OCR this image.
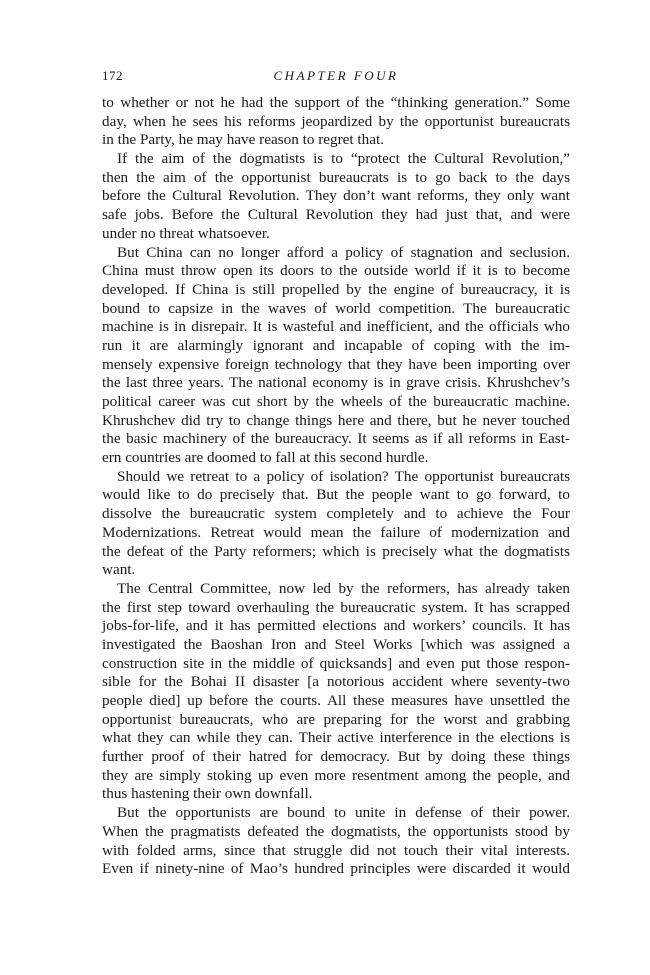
172	CHAPTER FOUR
to whether or not he had the support of the “thinking generation.” Some
day, when he sees his reforms jeopardized by the opportunist bureaucrats
in the Party, he may have reason to regret that.
If the aim of the dogmatists is to “protect the Cultural Revolution,”
then the aim of the opportunist bureaucrats is to go back to the days
before the Cultural Revolution. They don’t want reforms, they only want
safe jobs. Before the Cultural Revolution they had just that, and were
under no threat whatsoever.
But China can no longer afford a policy of stagnation and seclusion.
China must throw open its doors to the outside world if it is to become
developed. If China is still propelled by the engine of bureaucracy, it is
bound to capsize in the waves of world competition. The bureaucratic
machine is in disrepair. It is wasteful and inefficient, and the officials who
run it are alarmingly ignorant and incapable of coping with the im-
mensely expensive foreign technology that they have been importing over
the last three years. The national economy is in grave crisis. Khrushchev’s
political career was cut short by the wheels of the bureaucratic machine.
Khrushchev did try to change things here and there, but he never touched
the basic machinery of the bureaucracy. It seems as if all reforms in East-
ern countries are doomed to fall at this second hurdle.
Should we retreat to a policy of isolation? The opportunist bureaucrats
would like to do precisely that. But the people want to go forward, to
dissolve the bureaucratic system completely and to achieve the Four
Modernizations. Retreat would mean the failure of modernization and
the defeat of the Party reformers; which is precisely what the dogmatists
want.
The Central Committee, now led by the reformers, has already taken
the first step toward overhauling the bureaucratic system. It has scrapped
jobs-for-life, and it has permitted elections and workers’ councils. It has
investigated the Baoshan Iron and Steel Works [which was assigned a
construction site in the middle of quicksands] and even put those respon-
sible for the Bohai II disaster [a notorious accident where seventy-two
people died] up before the courts. All these measures have unsettled the
opportunist bureaucrats, who are preparing for the worst and grabbing
what they can while they can. Their active interference in the elections is
further proof of their hatred for democracy. But by doing these things
they are simply stoking up even more resentment among the people, and
thus hastening their own downfall.
But the opportunists are bound to unite in defense of their power.
When the pragmatists defeated the dogmatists, the opportunists stood by
with folded arms, since that struggle did not touch their vital interests.
Even if ninety-nine of Mao’s hundred principles were discarded it would
